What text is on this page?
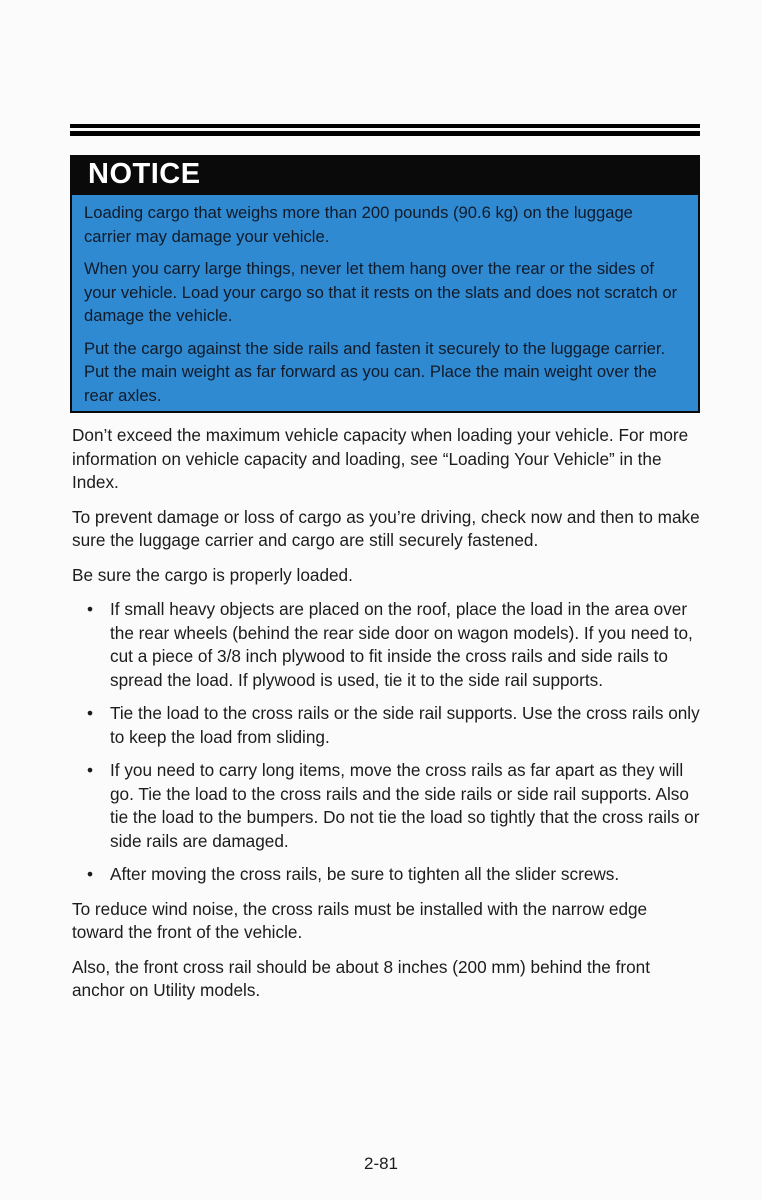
NOTICE

Loading cargo that weighs more than 200 pounds (90.6 kg) on the luggage carrier may damage your vehicle.

When you carry large things, never let them hang over the rear or the sides of your vehicle. Load your cargo so that it rests on the slats and does not scratch or damage the vehicle.

Put the cargo against the side rails and fasten it securely to the luggage carrier. Put the main weight as far forward as you can. Place the main weight over the rear axles.

Don’t exceed the maximum vehicle capacity when loading your vehicle. For more information on vehicle capacity and loading, see “Loading Your Vehicle” in the Index.

To prevent damage or loss of cargo as you’re driving, check now and then to make sure the luggage carrier and cargo are still securely fastened.

Be sure the cargo is properly loaded.

• If small heavy objects are placed on the roof, place the load in the area over the rear wheels (behind the rear side door on wagon models). If you need to, cut a piece of 3/8 inch plywood to fit inside the cross rails and side rails to spread the load. If plywood is used, tie it to the side rail supports.
• Tie the load to the cross rails or the side rail supports. Use the cross rails only to keep the load from sliding.
• If you need to carry long items, move the cross rails as far apart as they will go. Tie the load to the cross rails and the side rails or side rail supports. Also tie the load to the bumpers. Do not tie the load so tightly that the cross rails or side rails are damaged.
• After moving the cross rails, be sure to tighten all the slider screws.

To reduce wind noise, the cross rails must be installed with the narrow edge toward the front of the vehicle.

Also, the front cross rail should be about 8 inches (200 mm) behind the front anchor on Utility models.

2-81
